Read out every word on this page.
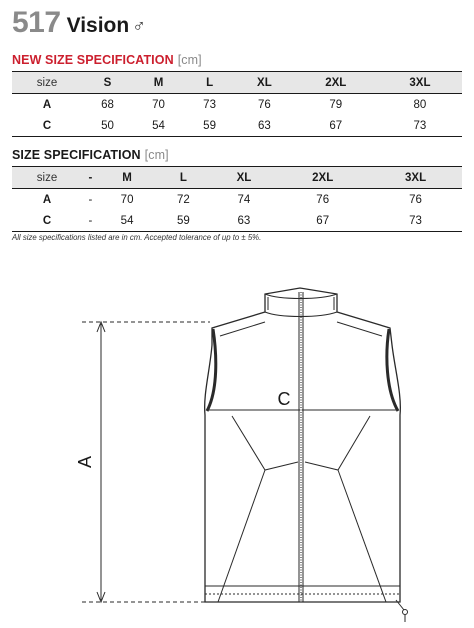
517 Vision ♂
NEW SIZE SPECIFICATION [cm]
size	S	M	L	XL	2XL	3XL
A	68	70	73	76	79	80
C	50	54	59	63	67	73
SIZE SPECIFICATION [cm]
size	-	M	L	XL	2XL	3XL
A	-	70	72	74	76	76
C	-	54	59	63	67	73
All size specifications listed are in cm. Accepted tolerance of up to ± 5%.
A
C
